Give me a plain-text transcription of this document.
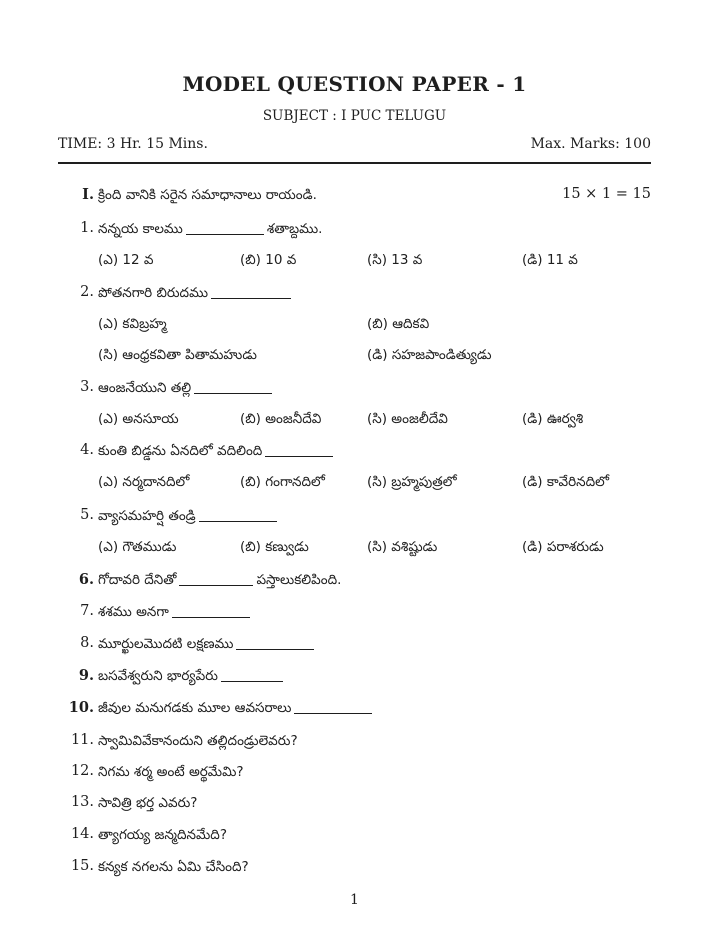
MODEL QUESTION PAPER - 1
SUBJECT : I PUC TELUGU
TIME: 3 Hr. 15 Mins.	Max. Marks: 100
I. క్రింది వానికి సరైన సమాధానాలు రాయండి.	15 × 1 = 15
1. నన్నయ కాలము	శతాబ్దము.
(ఎ) 12 వ	(బి) 10 వ	(సి) 13 వ	(డి) 11 వ
2. పోతనగారి బిరుదము
(ఎ) కవిబ్రహ్మ	(బి) ఆదికవి
(సి) ఆంధ్రకవితా పితామహుడు	(డి) సహజపాండిత్యుడు
3. ఆంజనేయుని తల్లి
(ఎ) అనసూయ	(బి) అంజనీదేవి	(సి) అంజలీదేవి	(డి) ఊర్వశి
4. కుంతి బిడ్డను ఏనదిలో వదిలింది
(ఎ) నర్మదానదిలో	(బి) గంగానదిలో	(సి) బ్రహ్మపుత్రలో	(డి) కావేరినదిలో
5. వ్యాసమహర్షి తండ్రి
(ఎ) గౌతముడు	(బి) కణ్వుడు	(సి) వశిష్టుడు	(డి) పరాశరుడు
6. గోదావరి దేనితో	పస్తాలుకలిపింది.
7. శశము అనగా
8. మూర్ఖులమొదటి లక్షణము
9. బసవేశ్వరుని భార్యపేరు
10. జీవుల మనుగడకు మూల ఆవసరాలు
11. స్వామివివేకానందుని తల్లిదండ్రులెవరు?
12. నిగమ శర్మ అంటే అర్థమేమి?
13. సావిత్రి భర్త ఎవరు?
14. త్యాగయ్య జన్మదినమేది?
15. కన్యక నగలను ఏమి చేసింది?
1
